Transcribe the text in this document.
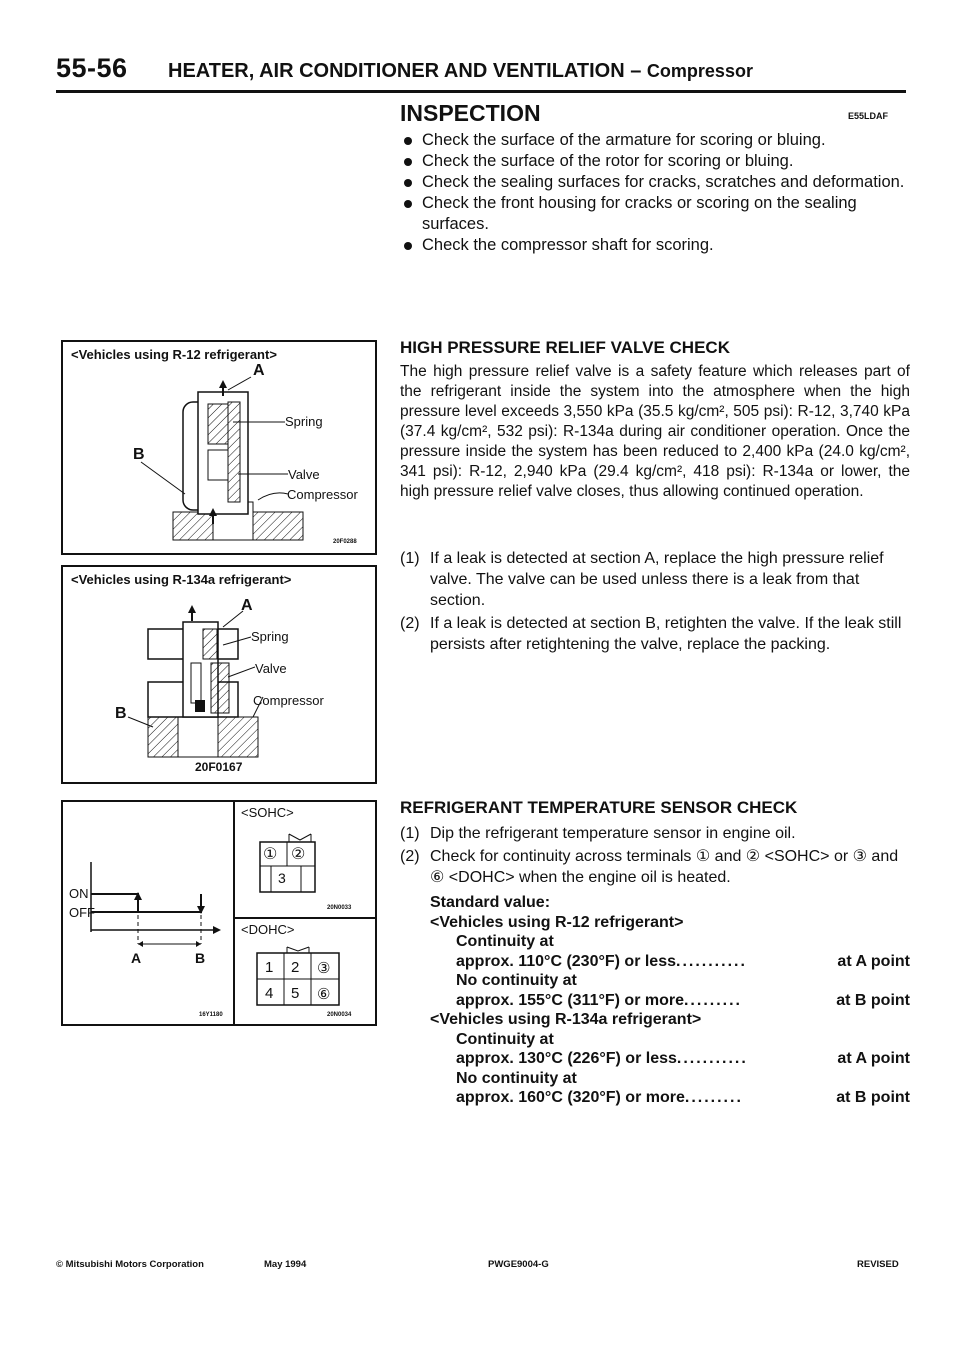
55-56 HEATER, AIR CONDITIONER AND VENTILATION – Compressor
INSPECTION	E55LDAF
Check the surface of the armature for scoring or bluing.
Check the surface of the rotor for scoring or bluing.
Check the sealing surfaces for cracks, scratches and deformation.
Check the front housing for cracks or scoring on the sealing surfaces.
Check the compressor shaft for scoring.
HIGH PRESSURE RELIEF VALVE CHECK
The high pressure relief valve is a safety feature which releases part of the refrigerant inside the system into the atmosphere when the high pressure level exceeds 3,550 kPa (35.5 kg/cm², 505 psi): R-12, 3,740 kPa (37.4 kg/cm², 532 psi): R-134a during air conditioner operation. Once the pressure inside the system has been reduced to 2,400 kPa (24.0 kg/cm², 341 psi): R-12, 2,940 kPa (29.4 kg/cm², 418 psi): R-134a or lower, the high pressure relief valve closes, thus allowing continued operation.
(1) If a leak is detected at section A, replace the high pressure relief valve. The valve can be used unless there is a leak from that section.
(2) If a leak is detected at section B, retighten the valve. If the leak still persists after retightening the valve, replace the packing.
REFRIGERANT TEMPERATURE SENSOR CHECK
(1) Dip the refrigerant temperature sensor in engine oil.
(2) Check for continuity across terminals ① and ② <SOHC> or ③ and ⑥ <DOHC> when the engine oil is heated.
Standard value:
<Vehicles using R-12 refrigerant>
Continuity at
approx. 110°C (230°F) or less ...........	at A point
No continuity at
approx. 155°C (311°F) or more .........	at B point
<Vehicles using R-134a refrigerant>
Continuity at
approx. 130°C (226°F) or less ...........	at A point
No continuity at
approx. 160°C (320°F) or more .........	at B point
<Vehicles using R-12 refrigerant>
A
B
Spring
Valve
Compressor
20F0288
<Vehicles using R-134a refrigerant>
A
B
Spring
Valve
Compressor
20F0167
ON
OFF
A	B
16Y1180
<SOHC>
① ②
3
20N0033
<DOHC>
1 2 ③
4 5 ⑥
20N0034
© Mitsubishi Motors Corporation	May 1994	PWGE9004-G	REVISED
